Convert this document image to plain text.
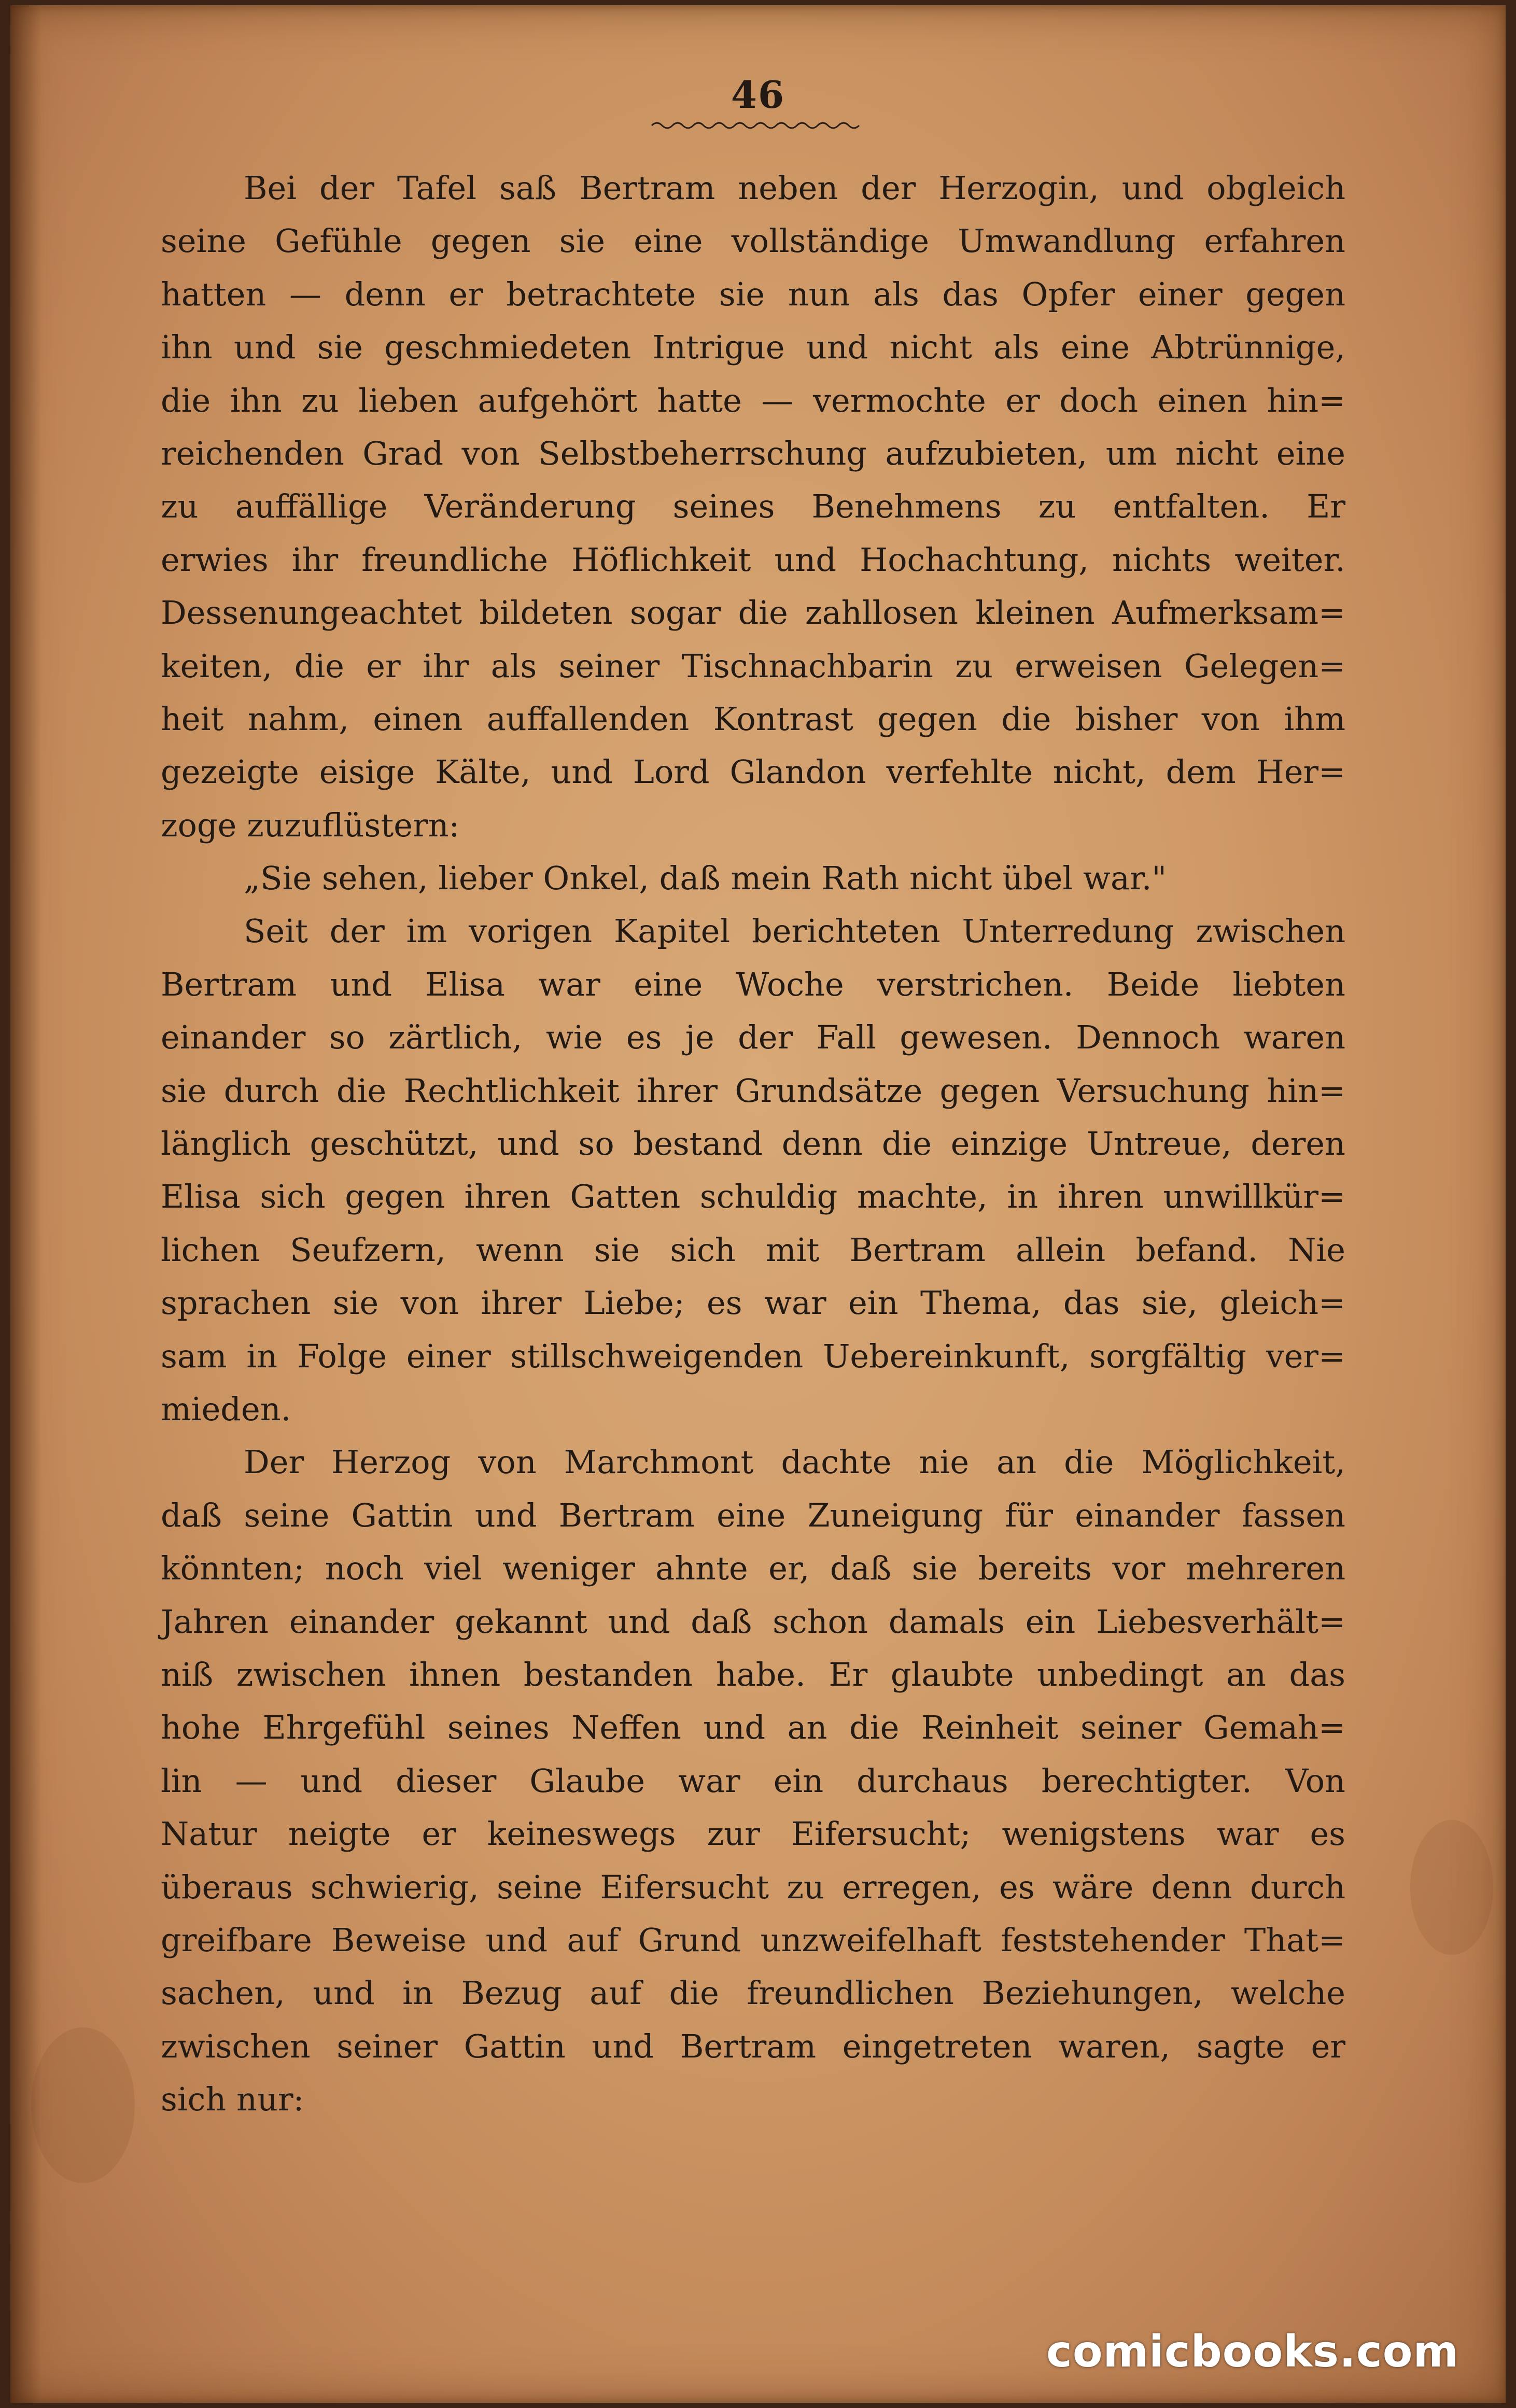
46
Bei der Tafel saß Bertram neben der Herzogin, und obgleich
seine Gefühle gegen sie eine vollständige Umwandlung erfahren
hatten — denn er betrachtete sie nun als das Opfer einer gegen
ihn und sie geschmiedeten Intrigue und nicht als eine Abtrünnige,
die ihn zu lieben aufgehört hatte — vermochte er doch einen hin=
reichenden Grad von Selbstbeherrschung aufzubieten, um nicht eine
zu auffällige Veränderung seines Benehmens zu entfalten. Er
erwies ihr freundliche Höflichkeit und Hochachtung, nichts weiter.
Dessenungeachtet bildeten sogar die zahllosen kleinen Aufmerksam=
keiten, die er ihr als seiner Tischnachbarin zu erweisen Gelegen=
heit nahm, einen auffallenden Kontrast gegen die bisher von ihm
gezeigte eisige Kälte, und Lord Glandon verfehlte nicht, dem Her=
zoge zuzuflüstern:
„Sie sehen, lieber Onkel, daß mein Rath nicht übel war."
Seit der im vorigen Kapitel berichteten Unterredung zwischen
Bertram und Elisa war eine Woche verstrichen. Beide liebten
einander so zärtlich, wie es je der Fall gewesen. Dennoch waren
sie durch die Rechtlichkeit ihrer Grundsätze gegen Versuchung hin=
länglich geschützt, und so bestand denn die einzige Untreue, deren
Elisa sich gegen ihren Gatten schuldig machte, in ihren unwillkür=
lichen Seufzern, wenn sie sich mit Bertram allein befand. Nie
sprachen sie von ihrer Liebe; es war ein Thema, das sie, gleich=
sam in Folge einer stillschweigenden Uebereinkunft, sorgfältig ver=
mieden.
Der Herzog von Marchmont dachte nie an die Möglichkeit,
daß seine Gattin und Bertram eine Zuneigung für einander fassen
könnten; noch viel weniger ahnte er, daß sie bereits vor mehreren
Jahren einander gekannt und daß schon damals ein Liebesverhält=
niß zwischen ihnen bestanden habe. Er glaubte unbedingt an das
hohe Ehrgefühl seines Neffen und an die Reinheit seiner Gemah=
lin — und dieser Glaube war ein durchaus berechtigter. Von
Natur neigte er keineswegs zur Eifersucht; wenigstens war es
überaus schwierig, seine Eifersucht zu erregen, es wäre denn durch
greifbare Beweise und auf Grund unzweifelhaft feststehender That=
sachen, und in Bezug auf die freundlichen Beziehungen, welche
zwischen seiner Gattin und Bertram eingetreten waren, sagte er
sich nur:
comicbooks.com
